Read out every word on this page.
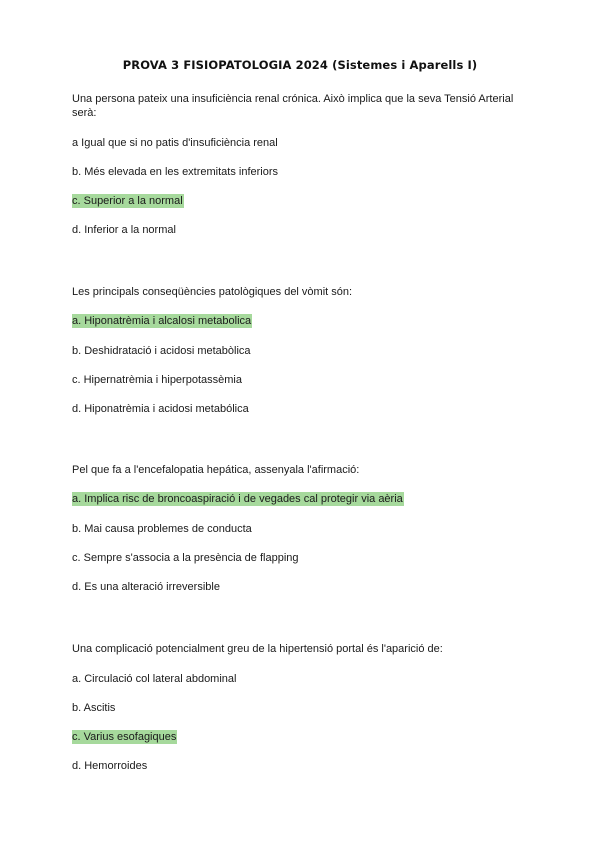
PROVA 3 FISIOPATOLOGIA 2024 (Sistemes i Aparells I)
Una persona pateix una insuficiència renal crónica. Això implica que la seva Tensió Arterial serà:
a Igual que si no patis d'insuficiència renal
b. Més elevada en les extremitats inferiors
c. Superior a la normal
d. Inferior a la normal
Les principals conseqüències patològiques del vòmit són:
a. Hiponatrèmia i alcalosi metabolica
b. Deshidratació i acidosi metabòlica
c. Hipernatrèmia i hiperpotassèmia
d. Hiponatrèmia i acidosi metabólica
Pel que fa a l'encefalopatia hepática, assenyala l'afirmació:
a. Implica risc de broncoaspiració i de vegades cal protegir via aèria
b. Mai causa problemes de conducta
c. Sempre s'associa a la presència de flapping
d. Es una alteració irreversible
Una complicació potencialment greu de la hipertensió portal és l'aparició de:
a. Circulació col lateral abdominal
b. Ascitis
c. Varius esofagiques
d. Hemorroides
